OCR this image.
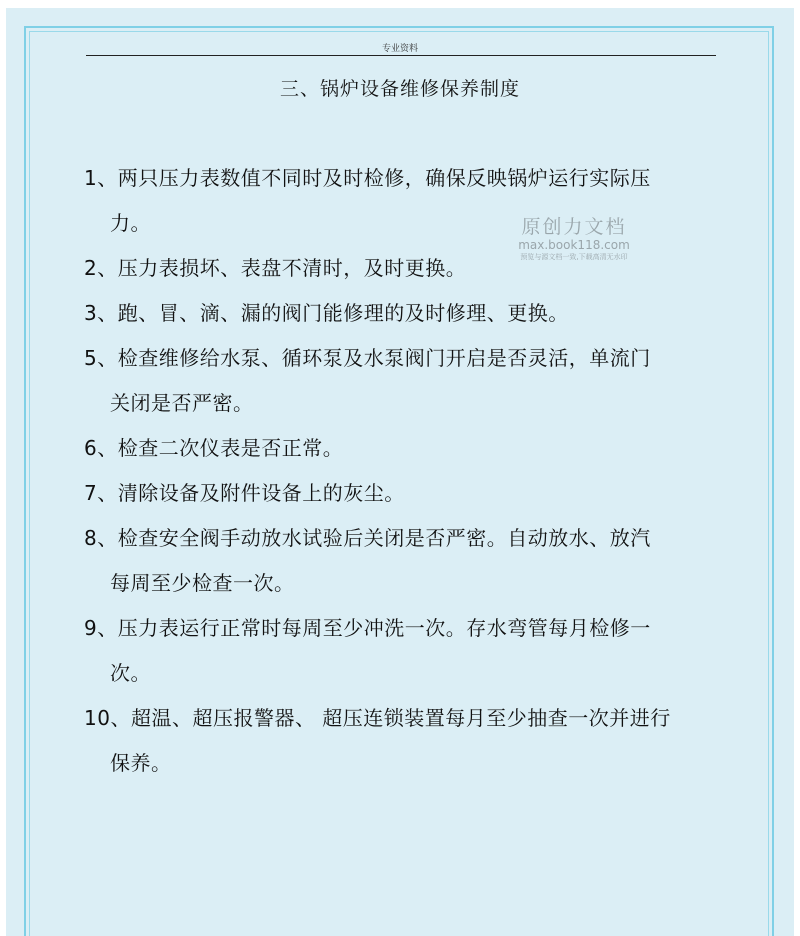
专业资料
三、锅炉设备维修保养制度
1、两只压力表数值不同时及时检修，确保反映锅炉运行实际压
力。
2、压力表损坏、表盘不清时，及时更换。
3、跑、冒、滴、漏的阀门能修理的及时修理、更换。
5、检查维修给水泵、循环泵及水泵阀门开启是否灵活，单流门
关闭是否严密。
6、检查二次仪表是否正常。
7、清除设备及附件设备上的灰尘。
8、检查安全阀手动放水试验后关闭是否严密。自动放水、放汽
每周至少检查一次。
9、压力表运行正常时每周至少冲洗一次。存水弯管每月检修一
次。
10、超温、超压报警器、 超压连锁装置每月至少抽查一次并进行
保养。
原创力文档
max.book118.com
预览与源文档一致,下载高清无水印
